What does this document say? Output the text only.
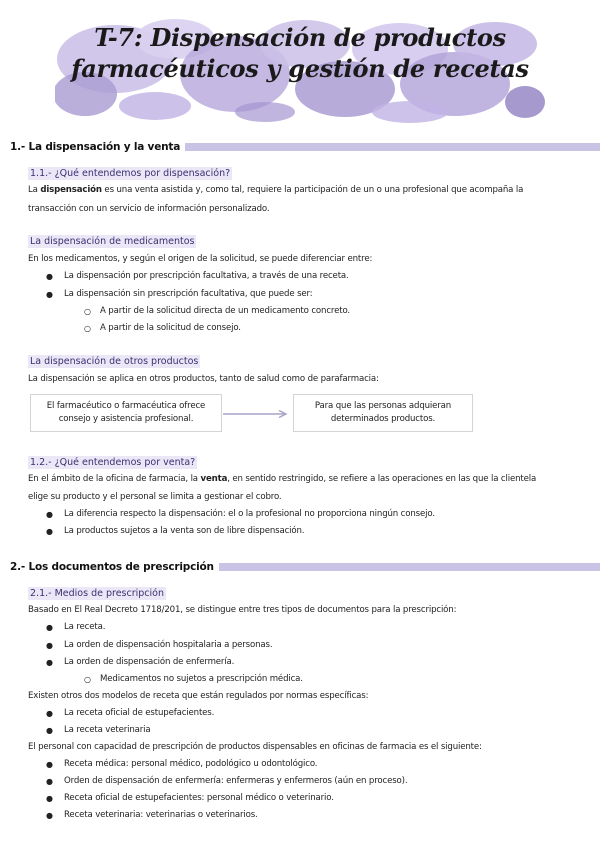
T-7: Dispensación de productos
farmacéuticos y gestión de recetas
1.- La dispensación y la venta
1.1.- ¿Qué entendemos por dispensación?
La dispensación es una venta asistida y, como tal, requiere la participación de un o una profesional que acompaña la
transacción con un servicio de información personalizado.
La dispensación de medicamentos
En los medicamentos, y según el origen de la solicitud, se puede diferenciar entre:
● La dispensación por prescripción facultativa, a través de una receta.
● La dispensación sin prescripción facultativa, que puede ser:
○ A partir de la solicitud directa de un medicamento concreto.
○ A partir de la solicitud de consejo.
La dispensación de otros productos
La dispensación se aplica en otros productos, tanto de salud como de parafarmacia:
El farmacéutico o farmacéutica ofrece
consejo y asistencia profesional.
Para que las personas adquieran
determinados productos.
1.2.- ¿Qué entendemos por venta?
En el ámbito de la oficina de farmacia, la venta, en sentido restringido, se refiere a las operaciones en las que la clientela
elige su producto y el personal se limita a gestionar el cobro.
● La diferencia respecto la dispensación: el o la profesional no proporciona ningún consejo.
● La productos sujetos a la venta son de libre dispensación.
2.- Los documentos de prescripción
2.1.- Medios de prescripción
Basado en El Real Decreto 1718/201, se distingue entre tres tipos de documentos para la prescripción:
● La receta.
● La orden de dispensación hospitalaria a personas.
● La orden de dispensación de enfermería.
○ Medicamentos no sujetos a prescripción médica.
Existen otros dos modelos de receta que están regulados por normas específicas:
● La receta oficial de estupefacientes.
● La receta veterinaria
El personal con capacidad de prescripción de productos dispensables en oficinas de farmacia es el siguiente:
● Receta médica: personal médico, podológico u odontológico.
● Orden de dispensación de enfermería: enfermeras y enfermeros (aún en proceso).
● Receta oficial de estupefacientes: personal médico o veterinario.
● Receta veterinaria: veterinarias o veterinarios.
